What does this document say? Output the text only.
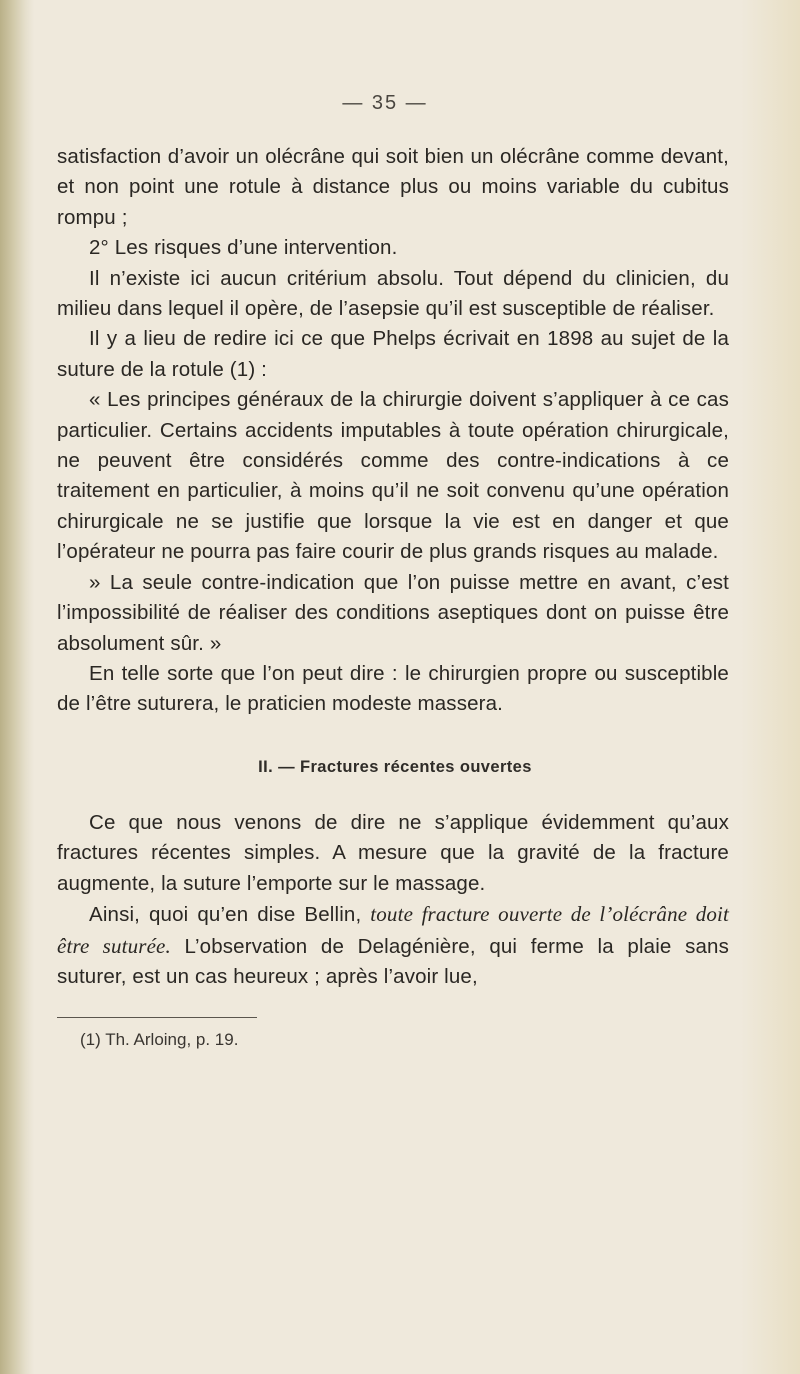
— 35 —

satisfaction d’avoir un olécrâne qui soit bien un olécrâne comme devant, et non point une rotule à distance plus ou moins variable du cubitus rompu ;

2° Les risques d’une intervention.

Il n’existe ici aucun critérium absolu. Tout dépend du clinicien, du milieu dans lequel il opère, de l’asepsie qu’il est susceptible de réaliser.

Il y a lieu de redire ici ce que Phelps écrivait en 1898 au sujet de la suture de la rotule (1) :

« Les principes généraux de la chirurgie doivent s’appliquer à ce cas particulier. Certains accidents imputables à toute opération chirurgicale, ne peuvent être considérés comme des contre-indications à ce traitement en particulier, à moins qu’il ne soit convenu qu’une opération chirurgicale ne se justifie que lorsque la vie est en danger et que l’opérateur ne pourra pas faire courir de plus grands risques au malade.

» La seule contre-indication que l’on puisse mettre en avant, c’est l’impossibilité de réaliser des conditions aseptiques dont on puisse être absolument sûr. »

En telle sorte que l’on peut dire : le chirurgien propre ou susceptible de l’être suturera, le praticien modeste massera.

II. — Fractures récentes ouvertes

Ce que nous venons de dire ne s’applique évidemment qu’aux fractures récentes simples. A mesure que la gravité de la fracture augmente, la suture l’emporte sur le massage.

Ainsi, quoi qu’en dise Bellin, toute fracture ouverte de l’olécrâne doit être suturée. L’observation de Delagénière, qui ferme la plaie sans suturer, est un cas heureux ; après l’avoir lue,

(1) Th. Arloing, p. 19.
